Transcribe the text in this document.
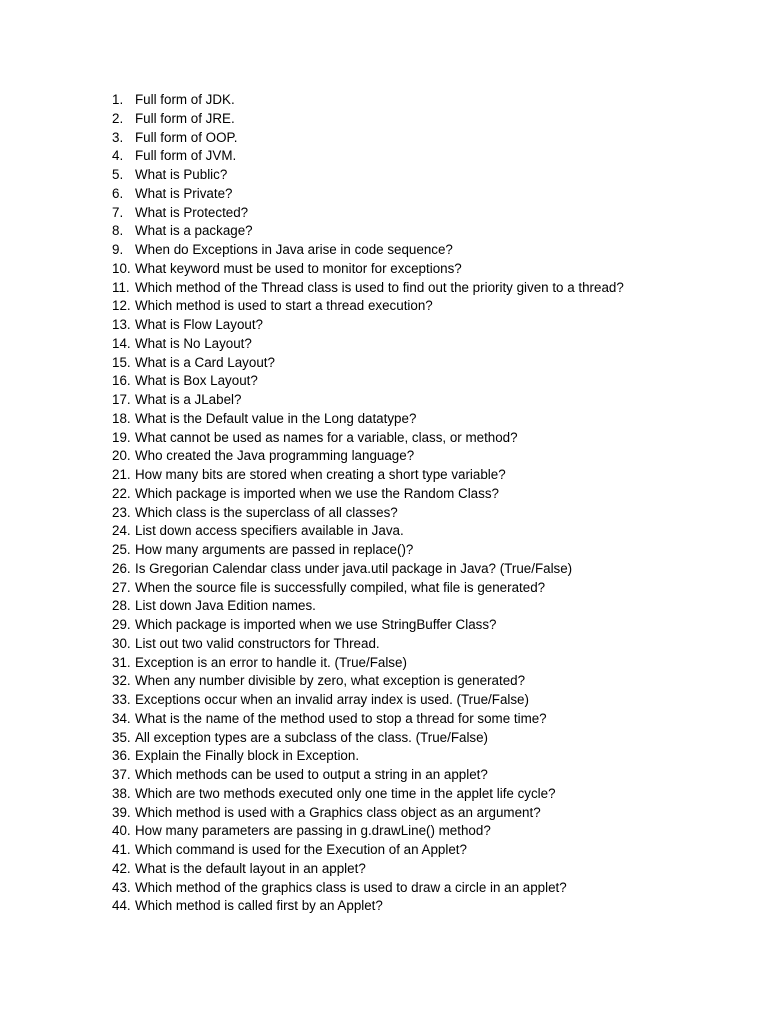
1. Full form of JDK.
2. Full form of JRE.
3. Full form of OOP.
4. Full form of JVM.
5. What is Public?
6. What is Private?
7. What is Protected?
8. What is a package?
9. When do Exceptions in Java arise in code sequence?
10. What keyword must be used to monitor for exceptions?
11. Which method of the Thread class is used to find out the priority given to a thread?
12. Which method is used to start a thread execution?
13. What is Flow Layout?
14. What is No Layout?
15. What is a Card Layout?
16. What is Box Layout?
17. What is a JLabel?
18. What is the Default value in the Long datatype?
19. What cannot be used as names for a variable, class, or method?
20. Who created the Java programming language?
21. How many bits are stored when creating a short type variable?
22. Which package is imported when we use the Random Class?
23. Which class is the superclass of all classes?
24. List down access specifiers available in Java.
25. How many arguments are passed in replace()?
26. Is Gregorian Calendar class under java.util package in Java? (True/False)
27. When the source file is successfully compiled, what file is generated?
28. List down Java Edition names.
29. Which package is imported when we use StringBuffer Class?
30. List out two valid constructors for Thread.
31. Exception is an error to handle it. (True/False)
32. When any number divisible by zero, what exception is generated?
33. Exceptions occur when an invalid array index is used. (True/False)
34. What is the name of the method used to stop a thread for some time?
35. All exception types are a subclass of the class. (True/False)
36. Explain the Finally block in Exception.
37. Which methods can be used to output a string in an applet?
38. Which are two methods executed only one time in the applet life cycle?
39. Which method is used with a Graphics class object as an argument?
40. How many parameters are passing in g.drawLine() method?
41. Which command is used for the Execution of an Applet?
42. What is the default layout in an applet?
43. Which method of the graphics class is used to draw a circle in an applet?
44. Which method is called first by an Applet?
